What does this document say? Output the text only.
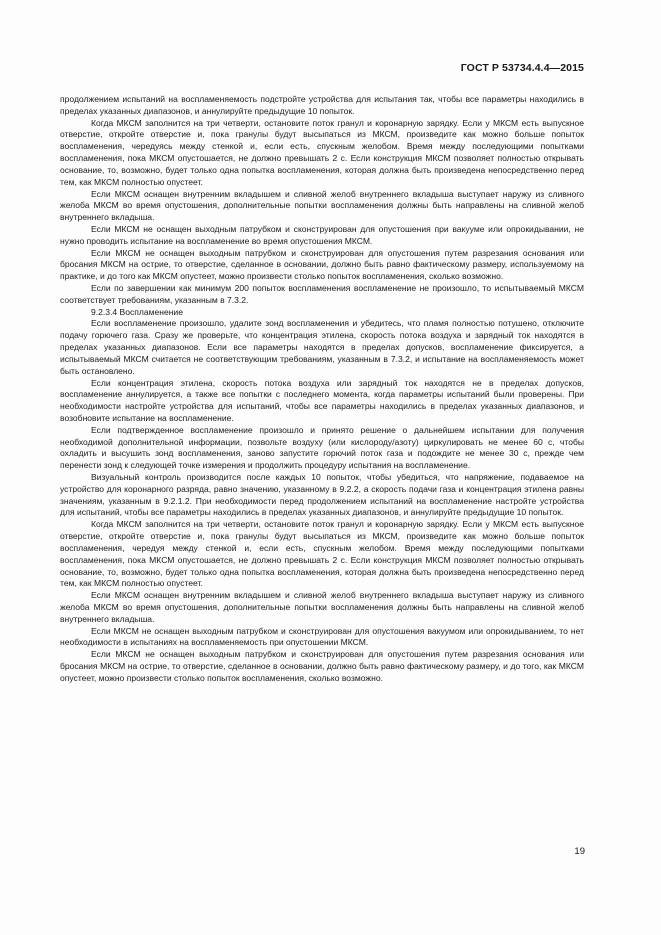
ГОСТ Р 53734.4.4—2015

продолжением испытаний на воспламеняемость подстройте устройства для испытания так, чтобы все параметры находились в пределах указанных диапазонов, и аннулируйте предыдущие 10 попыток.

Когда МКСМ заполнится на три четверти, остановите поток гранул и коронарную зарядку. Если у МКСМ есть выпускное отверстие, откройте отверстие и, пока гранулы будут высыпаться из МКСМ, произведите как можно больше попыток воспламенения, чередуясь между стенкой и, если есть, спускным желобом. Время между последующими попытками воспламенения, пока МКСМ опустошается, не должно превышать 2 с. Если конструкция МКСМ позволяет полностью открывать основание, то, возможно, будет только одна попытка воспламенения, которая должна быть произведена непосредственно перед тем, как МКСМ полностью опустеет.

Если МКСМ оснащен внутренним вкладышем и сливной желоб внутреннего вкладыша выступает наружу из сливного желоба МКСМ во время опустошения, дополнительные попытки воспламенения должны быть направлены на сливной желоб внутреннего вкладыша.

Если МКСМ не оснащен выходным патрубком и сконструирован для опустошения при вакууме или опрокидывании, не нужно проводить испытание на воспламенение во время опустошения МКСМ.

Если МКСМ не оснащен выходным патрубком и сконструирован для опустошения путем разрезания основания или бросания МКСМ на острие, то отверстие, сделанное в основании, должно быть равно фактическому размеру, используемому на практике, и до того как МКСМ опустеет, можно произвести столько попыток воспламенения, сколько возможно.

Если по завершении как минимум 200 попыток воспламенения воспламенение не произошло, то испытываемый МКСМ соответствует требованиям, указанным в 7.3.2.

9.2.3.4 Воспламенение

Если воспламенение произошло, удалите зонд воспламенения и убедитесь, что пламя полностью потушено, отключите подачу горючего газа. Сразу же проверьте, что концентрация этилена, скорость потока воздуха и зарядный ток находятся в пределах указанных диапазонов. Если все параметры находятся в пределах допусков, воспламенение фиксируется, а испытываемый МКСМ считается не соответствующим требованиям, указанным в 7.3.2, и испытание на воспламеняемость может быть остановлено.

Если концентрация этилена, скорость потока воздуха или зарядный ток находятся не в пределах допусков, воспламенение аннулируется, а также все попытки с последнего момента, когда параметры испытаний были проверены. При необходимости настройте устройства для испытаний, чтобы все параметры находились в пределах указанных диапазонов, и возобновите испытание на воспламенение.

Если подтвержденное воспламенение произошло и принято решение о дальнейшем испытании для получения необходимой дополнительной информации, позвольте воздуху (или кислороду/азоту) циркулировать не менее 60 с, чтобы охладить и высушить зонд воспламенения, заново запустите горючий поток газа и подождите не менее 30 с, прежде чем перенести зонд к следующей точке измерения и продолжить процедуру испытания на воспламенение.

Визуальный контроль производится после каждых 10 попыток, чтобы убедиться, что напряжение, подаваемое на устройство для коронарного разряда, равно значению, указанному в 9.2.2, а скорость подачи газа и концентрация этилена равны значениям, указанным в 9.2.1.2. При необходимости перед продолжением испытаний на воспламенение настройте устройства для испытаний, чтобы все параметры находились в пределах указанных диапазонов, и аннулируйте предыдущие 10 попыток.

Когда МКСМ заполнится на три четверти, остановите поток гранул и коронарную зарядку. Если у МКСМ есть выпускное отверстие, откройте отверстие и, пока гранулы будут высыпаться из МКСМ, произведите как можно больше попыток воспламенения, чередуя между стенкой и, если есть, спускным желобом. Время между последующими попытками воспламенения, пока МКСМ опустошается, не должно превышать 2 с. Если конструкция МКСМ позволяет полностью открывать основание, то, возможно, будет только одна попытка воспламенения, которая должна быть произведена непосредственно перед тем, как МКСМ полностью опустеет.

Если МКСМ оснащен внутренним вкладышем и сливной желоб внутреннего вкладыша выступает наружу из сливного желоба МКСМ во время опустошения, дополнительные попытки воспламенения должны быть направлены на сливной желоб внутреннего вкладыша.

Если МКСМ не оснащен выходным патрубком и сконструирован для опустошения вакуумом или опрокидыванием, то нет необходимости в испытаниях на воспламеняемость при опустошении МКСМ.

Если МКСМ не оснащен выходным патрубком и сконструирован для опустошения путем разрезания основания или бросания МКСМ на острие, то отверстие, сделанное в основании, должно быть равно фактическому размеру, и до того, как МКСМ опустеет, можно произвести столько попыток воспламенения, сколько возможно.

19
